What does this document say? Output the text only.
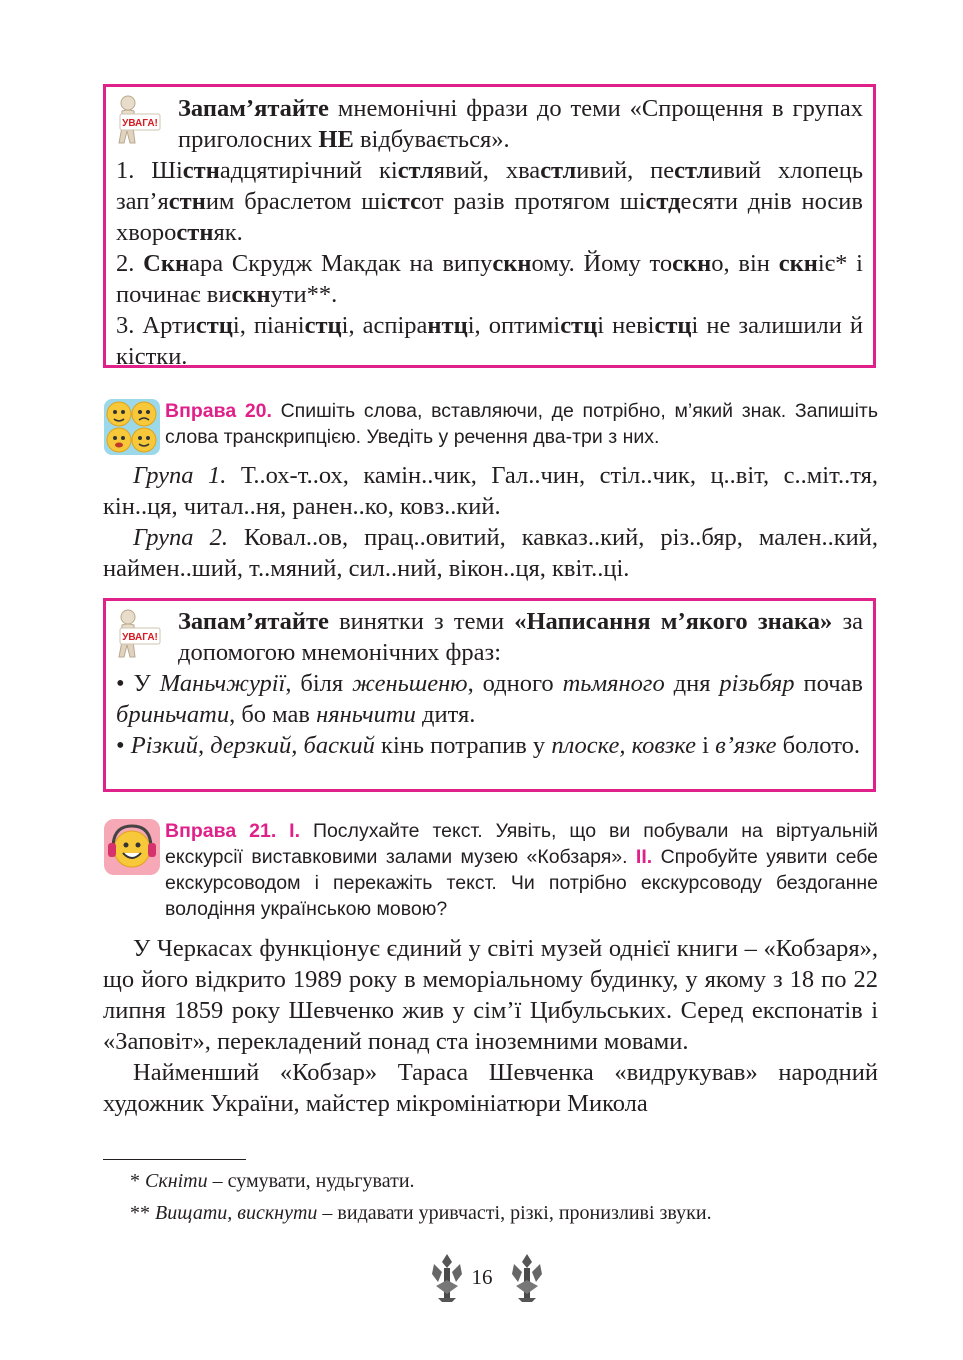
УВАГА!
Запам’ятайте мнемонічні фрази до теми «Спрощення в групах приголосних НЕ відбувається».

1. Шістнадцятирічний кістлявий, хвастливий, пестливий хлопець зап’ястним браслетом шістсот разів протягом шістдесяти днів носив хворостняк.

2. Скнара Скрудж Макдак на випускному. Йому тоскно, він скніє* і починає вискнути**.

3. Артистці, піаністці, аспірантці, оптимістці невістці не залишили й кістки.

Вправа 20. Спишіть слова, вставляючи, де потрібно, м’який знак. Запишіть слова транскрипцією. Уведіть у речення два-три з них.

Група 1. Т..ох-т..ох, камін..чик, Гал..чин, стіл..чик, ц..віт, с..міт..тя, кін..ця, читал..ня, ранен..ко, ковз..кий.

Група 2. Ковал..ов, прац..овитий, кавказ..кий, різ..бяр, мален..кий, наймен..ший, т..мяний, сил..ний, вікон..ця, квіт..ці.

УВАГА!
Запам’ятайте винятки з теми «Написання м’якого знака» за допомогою мнемонічних фраз:

• У Маньчжурії, біля женьшеню, одного тьмяного дня різьбяр почав бриньчати, бо мав няньчити дитя.

• Різкий, дерзкий, баский кінь потрапив у плоске, ковзке і в’язке болото.

Вправа 21. I. Послухайте текст. Уявіть, що ви побували на віртуальній екскурсії виставковими залами музею «Кобзаря». II. Спробуйте уявити себе екскурсоводом і перекажіть текст. Чи потрібно екскурсоводу бездоганне володіння українською мовою?

У Черкасах функціонує єдиний у світі музей однієї книги – «Кобзаря», що його відкрито 1989 року в меморіальному будинку, у якому з 18 по 22 липня 1859 року Шевченко жив у сім’ї Цибульських. Серед експонатів і «Заповіт», перекладений понад ста іноземними мовами.

Найменший «Кобзар» Тараса Шевченка «видрукував» народний художник України, майстер мікромініатюри Микола

* Скніти – сумувати, нудьгувати.
** Вищати, вискнути – видавати уривчасті, різкі, пронизливі звуки.
16
